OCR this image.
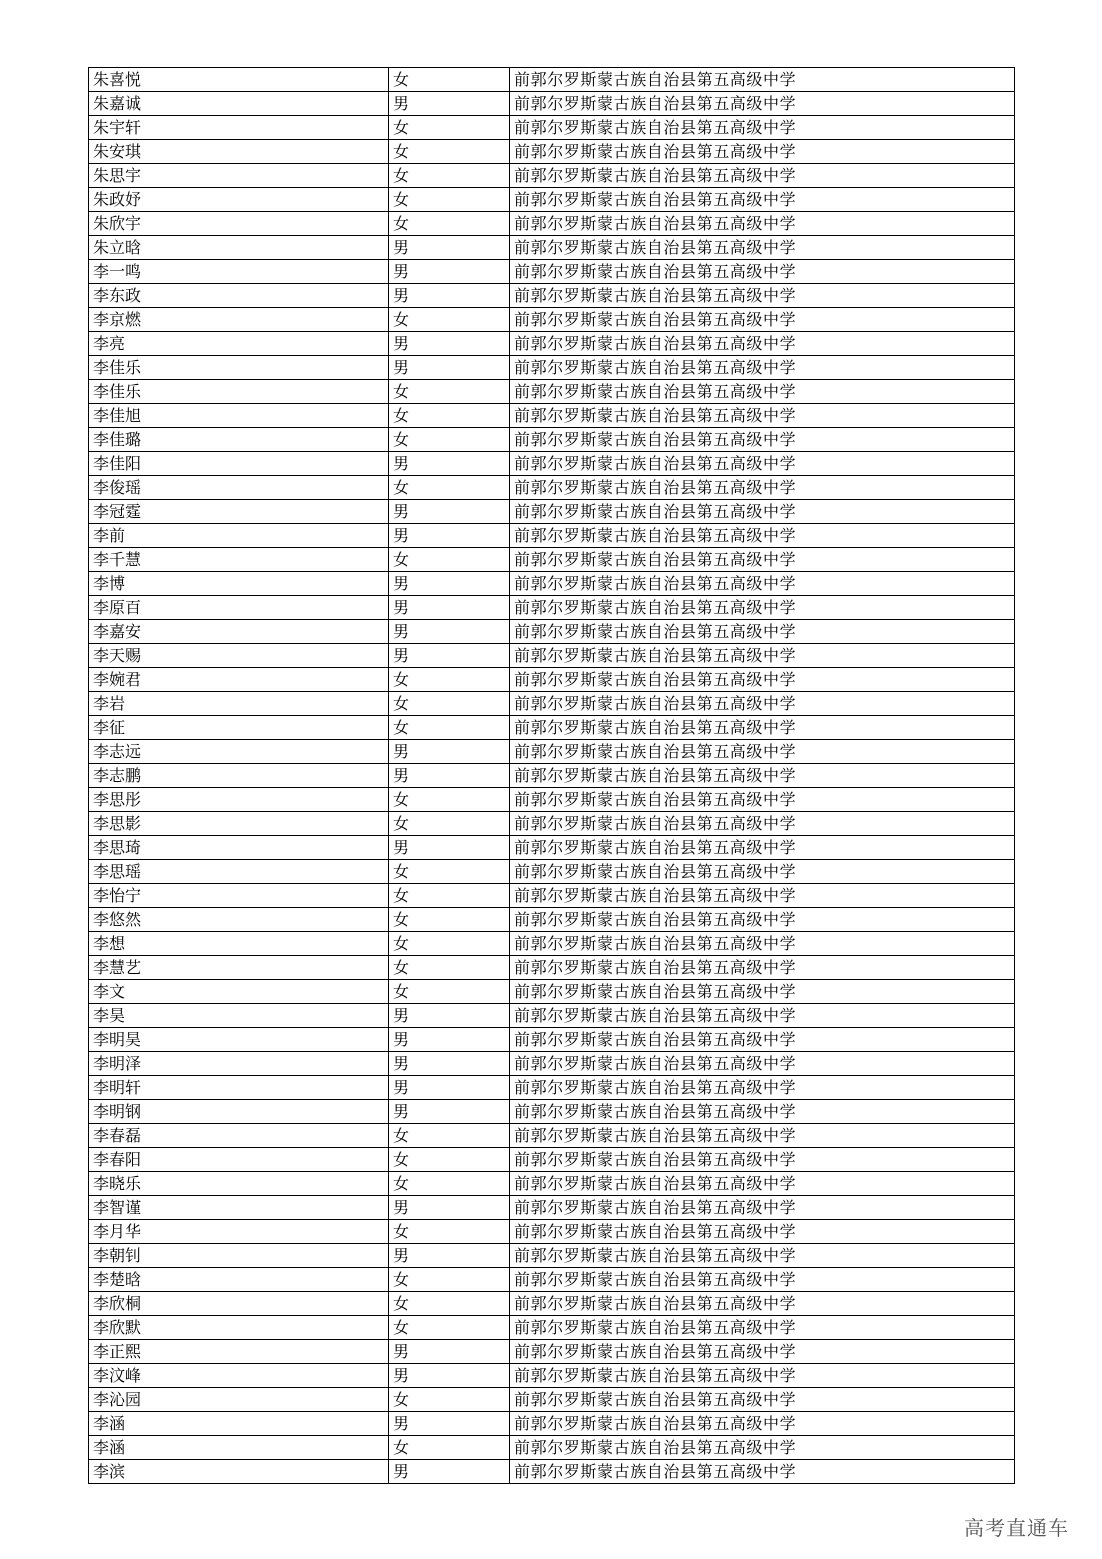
朱喜悦	女	前郭尔罗斯蒙古族自治县第五高级中学
朱嘉诚	男	前郭尔罗斯蒙古族自治县第五高级中学
朱宇轩	女	前郭尔罗斯蒙古族自治县第五高级中学
朱安琪	女	前郭尔罗斯蒙古族自治县第五高级中学
朱思宇	女	前郭尔罗斯蒙古族自治县第五高级中学
朱政妤	女	前郭尔罗斯蒙古族自治县第五高级中学
朱欣宇	女	前郭尔罗斯蒙古族自治县第五高级中学
朱立晗	男	前郭尔罗斯蒙古族自治县第五高级中学
李一鸣	男	前郭尔罗斯蒙古族自治县第五高级中学
李东政	男	前郭尔罗斯蒙古族自治县第五高级中学
李京燃	女	前郭尔罗斯蒙古族自治县第五高级中学
李亮	男	前郭尔罗斯蒙古族自治县第五高级中学
李佳乐	男	前郭尔罗斯蒙古族自治县第五高级中学
李佳乐	女	前郭尔罗斯蒙古族自治县第五高级中学
李佳旭	女	前郭尔罗斯蒙古族自治县第五高级中学
李佳璐	女	前郭尔罗斯蒙古族自治县第五高级中学
李佳阳	男	前郭尔罗斯蒙古族自治县第五高级中学
李俊瑶	女	前郭尔罗斯蒙古族自治县第五高级中学
李冠霆	男	前郭尔罗斯蒙古族自治县第五高级中学
李前	男	前郭尔罗斯蒙古族自治县第五高级中学
李千慧	女	前郭尔罗斯蒙古族自治县第五高级中学
李博	男	前郭尔罗斯蒙古族自治县第五高级中学
李原百	男	前郭尔罗斯蒙古族自治县第五高级中学
李嘉安	男	前郭尔罗斯蒙古族自治县第五高级中学
李天赐	男	前郭尔罗斯蒙古族自治县第五高级中学
李婉君	女	前郭尔罗斯蒙古族自治县第五高级中学
李岩	女	前郭尔罗斯蒙古族自治县第五高级中学
李征	女	前郭尔罗斯蒙古族自治县第五高级中学
李志远	男	前郭尔罗斯蒙古族自治县第五高级中学
李志鹏	男	前郭尔罗斯蒙古族自治县第五高级中学
李思彤	女	前郭尔罗斯蒙古族自治县第五高级中学
李思影	女	前郭尔罗斯蒙古族自治县第五高级中学
李思琦	男	前郭尔罗斯蒙古族自治县第五高级中学
李思瑶	女	前郭尔罗斯蒙古族自治县第五高级中学
李怡宁	女	前郭尔罗斯蒙古族自治县第五高级中学
李悠然	女	前郭尔罗斯蒙古族自治县第五高级中学
李想	女	前郭尔罗斯蒙古族自治县第五高级中学
李慧艺	女	前郭尔罗斯蒙古族自治县第五高级中学
李文	女	前郭尔罗斯蒙古族自治县第五高级中学
李昊	男	前郭尔罗斯蒙古族自治县第五高级中学
李明昊	男	前郭尔罗斯蒙古族自治县第五高级中学
李明泽	男	前郭尔罗斯蒙古族自治县第五高级中学
李明轩	男	前郭尔罗斯蒙古族自治县第五高级中学
李明钢	男	前郭尔罗斯蒙古族自治县第五高级中学
李春磊	女	前郭尔罗斯蒙古族自治县第五高级中学
李春阳	女	前郭尔罗斯蒙古族自治县第五高级中学
李晓乐	女	前郭尔罗斯蒙古族自治县第五高级中学
李智谨	男	前郭尔罗斯蒙古族自治县第五高级中学
李月华	女	前郭尔罗斯蒙古族自治县第五高级中学
李朝钊	男	前郭尔罗斯蒙古族自治县第五高级中学
李楚晗	女	前郭尔罗斯蒙古族自治县第五高级中学
李欣桐	女	前郭尔罗斯蒙古族自治县第五高级中学
李欣默	女	前郭尔罗斯蒙古族自治县第五高级中学
李正熙	男	前郭尔罗斯蒙古族自治县第五高级中学
李汶峰	男	前郭尔罗斯蒙古族自治县第五高级中学
李沁园	女	前郭尔罗斯蒙古族自治县第五高级中学
李涵	男	前郭尔罗斯蒙古族自治县第五高级中学
李涵	女	前郭尔罗斯蒙古族自治县第五高级中学
李滨	男	前郭尔罗斯蒙古族自治县第五高级中学
高考直通车
